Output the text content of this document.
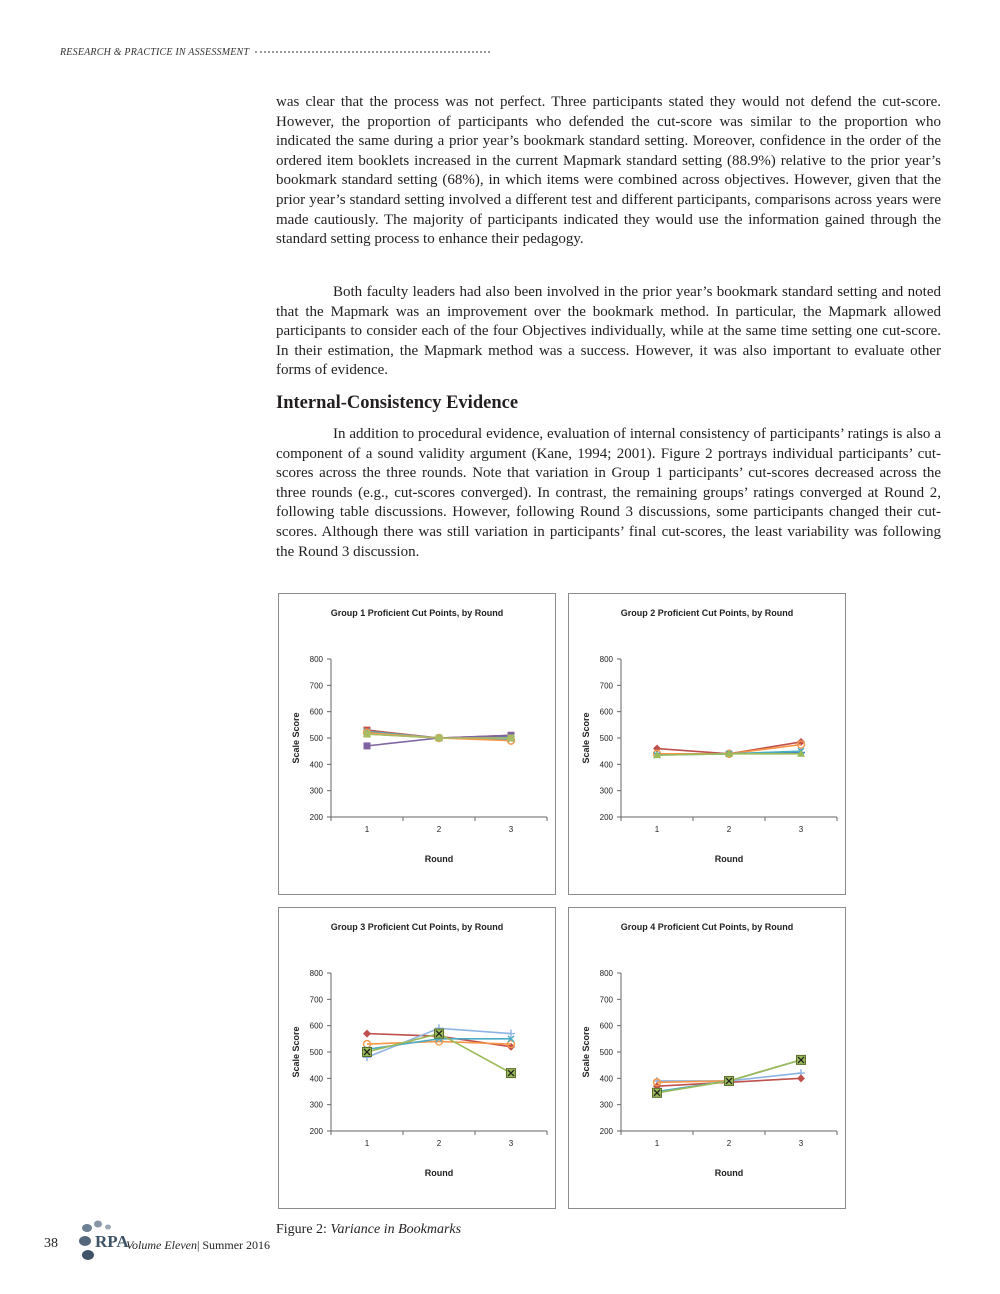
RESEARCH & PRACTICE IN ASSESSMENT

was clear that the process was not perfect. Three participants stated they would not defend the cut-score. However, the proportion of participants who defended the cut-score was similar to the proportion who indicated the same during a prior year’s bookmark standard setting. Moreover, confidence in the order of the ordered item booklets increased in the current Mapmark standard setting (88.9%) relative to the prior year’s bookmark standard setting (68%), in which items were combined across objectives. However, given that the prior year’s standard setting involved a different test and different participants, comparisons across years were made cautiously. The majority of participants indicated they would use the information gained through the standard setting process to enhance their pedagogy.

Both faculty leaders had also been involved in the prior year’s bookmark standard setting and noted that the Mapmark was an improvement over the bookmark method. In particular, the Mapmark allowed participants to consider each of the four Objectives individually, while at the same time setting one cut-score. In their estimation, the Mapmark method was a success. However, it was also important to evaluate other forms of evidence.

Internal-Consistency Evidence

In addition to procedural evidence, evaluation of internal consistency of participants’ ratings is also a component of a sound validity argument (Kane, 1994; 2001). Figure 2 portrays individual participants’ cut-scores across the three rounds. Note that variation in Group 1 participants’ cut-scores decreased across the three rounds (e.g., cut-scores converged). In contrast, the remaining groups’ ratings converged at Round 2, following table discussions. However, following Round 3 discussions, some participants changed their cut-scores. Although there was still variation in participants’ final cut-scores, the least variability was following the Round 3 discussion.

Group 1 Proficient Cut Points, by Round
200
300
400
500
600
700
800
1	2	3
Round
Scale Score
Group 2 Proficient Cut Points, by Round
200
300
400
500
600
700
800
1	2	3
Round
Scale Score
Group 3 Proficient Cut Points, by Round
200
300
400
500
600
700
800
1	2	3
Round
Scale Score
Group 4 Proficient Cut Points, by Round
200
300
400
500
600
700
800
1	2	3
Round
Scale Score
Figure 2: Variance in Bookmarks
38 RPA
Volume Eleven| Summer 2016
